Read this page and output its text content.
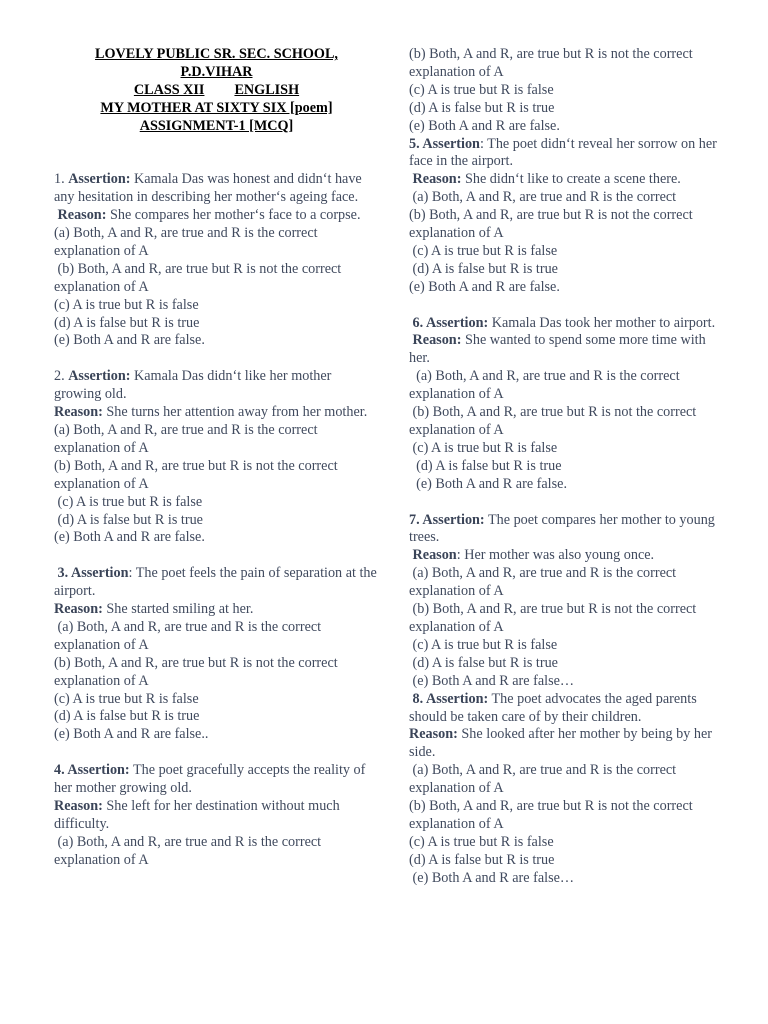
LOVELY PUBLIC SR. SEC. SCHOOL,
P.D.VIHAR
CLASS XII ENGLISH
MY MOTHER AT SIXTY SIX [poem]
ASSIGNMENT-1 [MCQ]
1. Assertion: Kamala Das was honest and didn‘t have any hesitation in describing her mother‘s ageing face.
Reason: She compares her mother‘s face to a corpse.
(a) Both, A and R, are true and R is the correct explanation of A
(b) Both, A and R, are true but R is not the correct explanation of A
(c) A is true but R is false
(d) A is false but R is true
(e) Both A and R are false.
2. Assertion: Kamala Das didn‘t like her mother growing old.
Reason: She turns her attention away from her mother.
(a) Both, A and R, are true and R is the correct explanation of A
(b) Both, A and R, are true but R is not the correct explanation of A
(c) A is true but R is false
(d) A is false but R is true
(e) Both A and R are false.
3. Assertion: The poet feels the pain of separation at the airport.
Reason: She started smiling at her.
(a) Both, A and R, are true and R is the correct explanation of A
(b) Both, A and R, are true but R is not the correct explanation of A
(c) A is true but R is false
(d) A is false but R is true
(e) Both A and R are false..
4. Assertion: The poet gracefully accepts the reality of her mother growing old.
Reason: She left for her destination without much difficulty.
(a) Both, A and R, are true and R is the correct explanation of A
(b) Both, A and R, are true but R is not the correct explanation of A
(c) A is true but R is false
(d) A is false but R is true
(e) Both A and R are false.
5. Assertion: The poet didn‘t reveal her sorrow on her face in the airport.
Reason: She didn‘t like to create a scene there.
(a) Both, A and R, are true and R is the correct
(b) Both, A and R, are true but R is not the correct explanation of A
(c) A is true but R is false
(d) A is false but R is true
(e) Both A and R are false.
6. Assertion: Kamala Das took her mother to airport.
Reason: She wanted to spend some more time with her.
(a) Both, A and R, are true and R is the correct explanation of A
(b) Both, A and R, are true but R is not the correct explanation of A
(c) A is true but R is false
(d) A is false but R is true
(e) Both A and R are false.
7. Assertion: The poet compares her mother to young trees.
Reason: Her mother was also young once.
(a) Both, A and R, are true and R is the correct explanation of A
(b) Both, A and R, are true but R is not the correct explanation of A
(c) A is true but R is false
(d) A is false but R is true
(e) Both A and R are false…
8. Assertion: The poet advocates the aged parents should be taken care of by their children.
Reason: She looked after her mother by being by her side.
(a) Both, A and R, are true and R is the correct explanation of A
(b) Both, A and R, are true but R is not the correct explanation of A
(c) A is true but R is false
(d) A is false but R is true
(e) Both A and R are false…
